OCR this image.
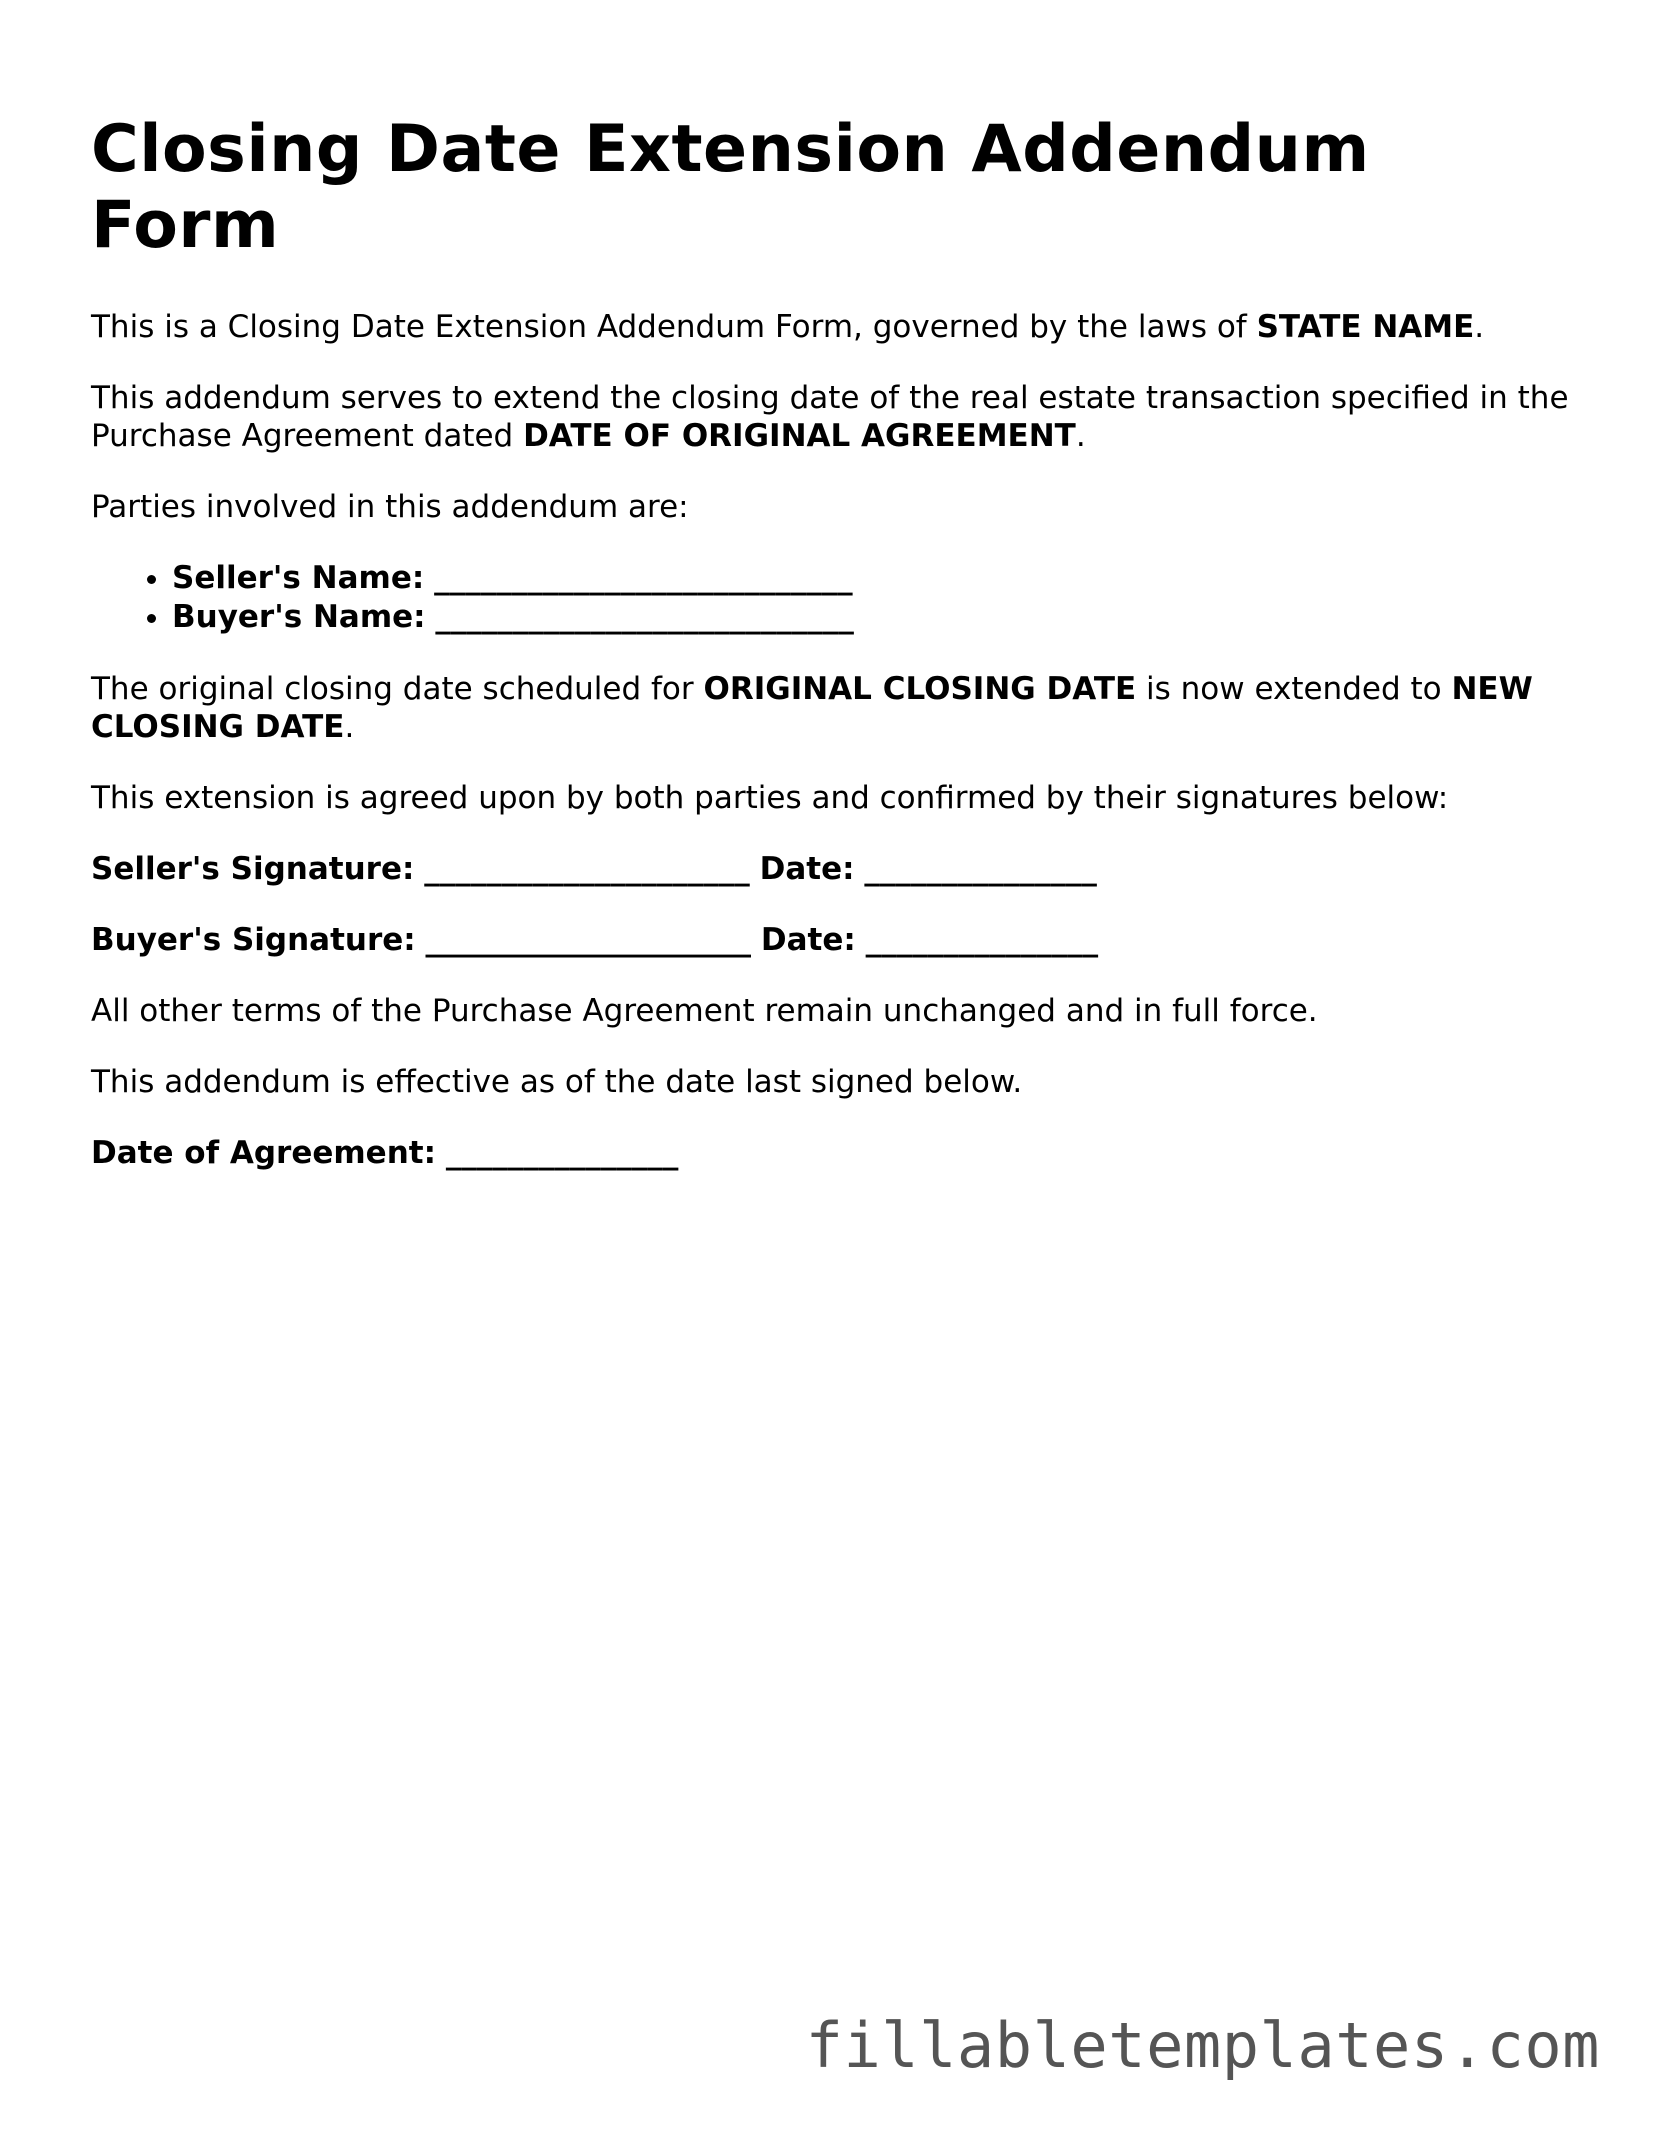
Closing Date Extension Addendum Form

This is a Closing Date Extension Addendum Form, governed by the laws of STATE NAME.

This addendum serves to extend the closing date of the real estate transaction specified in the Purchase Agreement dated DATE OF ORIGINAL AGREEMENT.

Parties involved in this addendum are:

• Seller's Name: ___________________________
• Buyer's Name: ___________________________

The original closing date scheduled for ORIGINAL CLOSING DATE is now extended to NEW CLOSING DATE.

This extension is agreed upon by both parties and confirmed by their signatures below:

Seller's Signature: _____________________ Date: _______________

Buyer's Signature: _____________________ Date: _______________

All other terms of the Purchase Agreement remain unchanged and in full force.

This addendum is effective as of the date last signed below.

Date of Agreement: _______________

fillabletemplates.com
